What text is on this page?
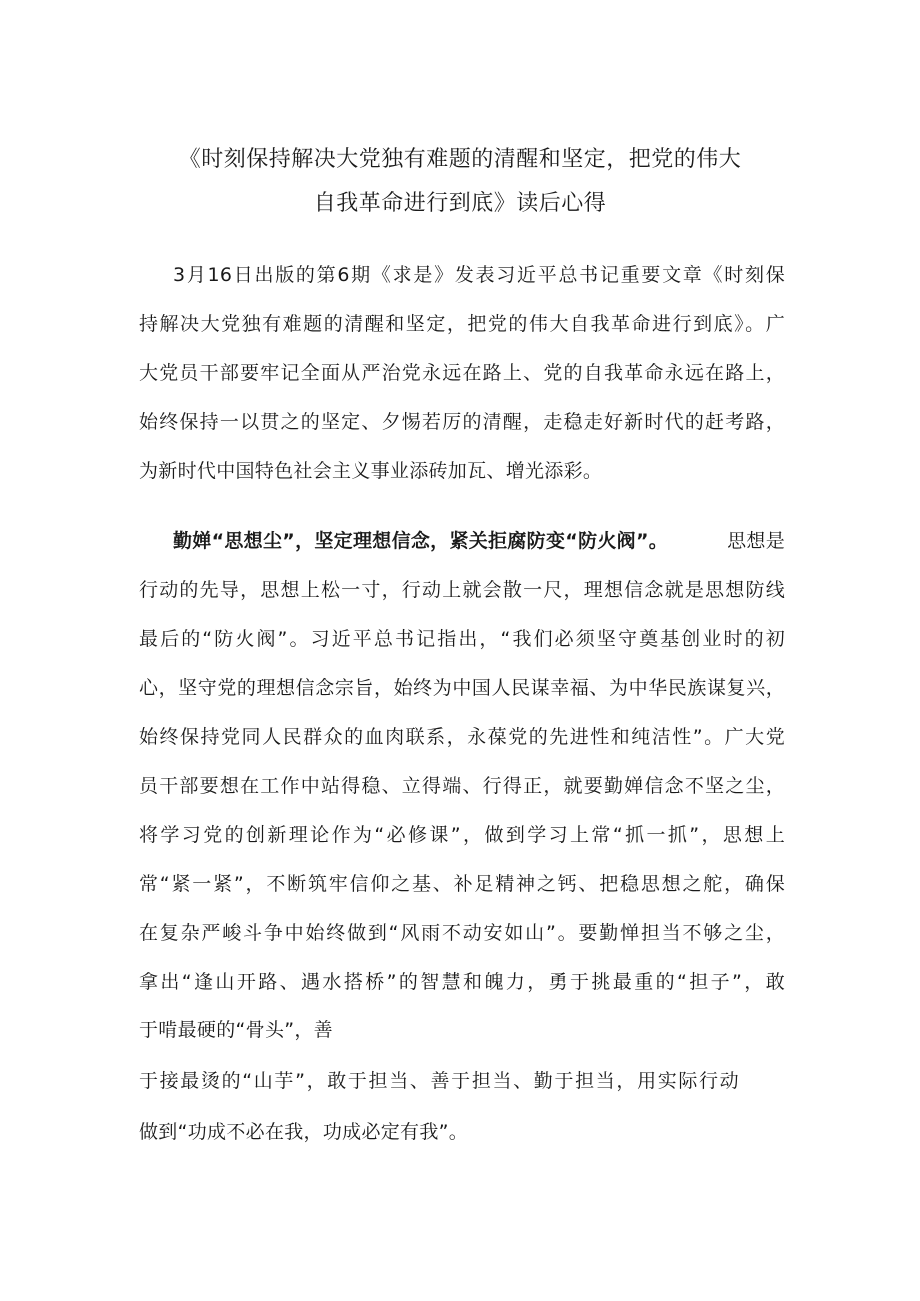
《时刻保持解决大党独有难题的清醒和坚定，把党的伟大
自我革命进行到底》读后心得
3月16日出版的第6期《求是》发表习近平总书记重要文章《时刻保
持解决大党独有难题的清醒和坚定，把党的伟大自我革命进行到底》。广
大党员干部要牢记全面从严治党永远在路上、党的自我革命永远在路上，
始终保持一以贯之的坚定、夕惕若厉的清醒，走稳走好新时代的赶考路，
为新时代中国特色社会主义事业添砖加瓦、增光添彩。
勤婵“思想尘”，坚定理想信念，紧关拒腐防变“防火阀”。	思想是
行动的先导，思想上松一寸，行动上就会散一尺，理想信念就是思想防线
最后的“防火阀”。习近平总书记指出，“我们必须坚守奠基创业时的初
心，坚守党的理想信念宗旨，始终为中国人民谋幸福、为中华民族谋复兴，
始终保持党同人民群众的血肉联系，永葆党的先进性和纯洁性”。广大党
员干部要想在工作中站得稳、立得端、行得正，就要勤婵信念不坚之尘，
将学习党的创新理论作为“必修课”，做到学习上常“抓一抓”，思想上
常“紧一紧”，不断筑牢信仰之基、补足精神之钙、把稳思想之舵，确保
在复杂严峻斗争中始终做到“风雨不动安如山”。要勤惮担当不够之尘，
拿出“逢山开路、遇水搭桥”的智慧和魄力，勇于挑最重的“担子”，敢
于啃最硬的“骨头”，善
于接最烫的“山芋”，敢于担当、善于担当、勤于担当，用实际行动
做到“功成不必在我，功成必定有我”。
